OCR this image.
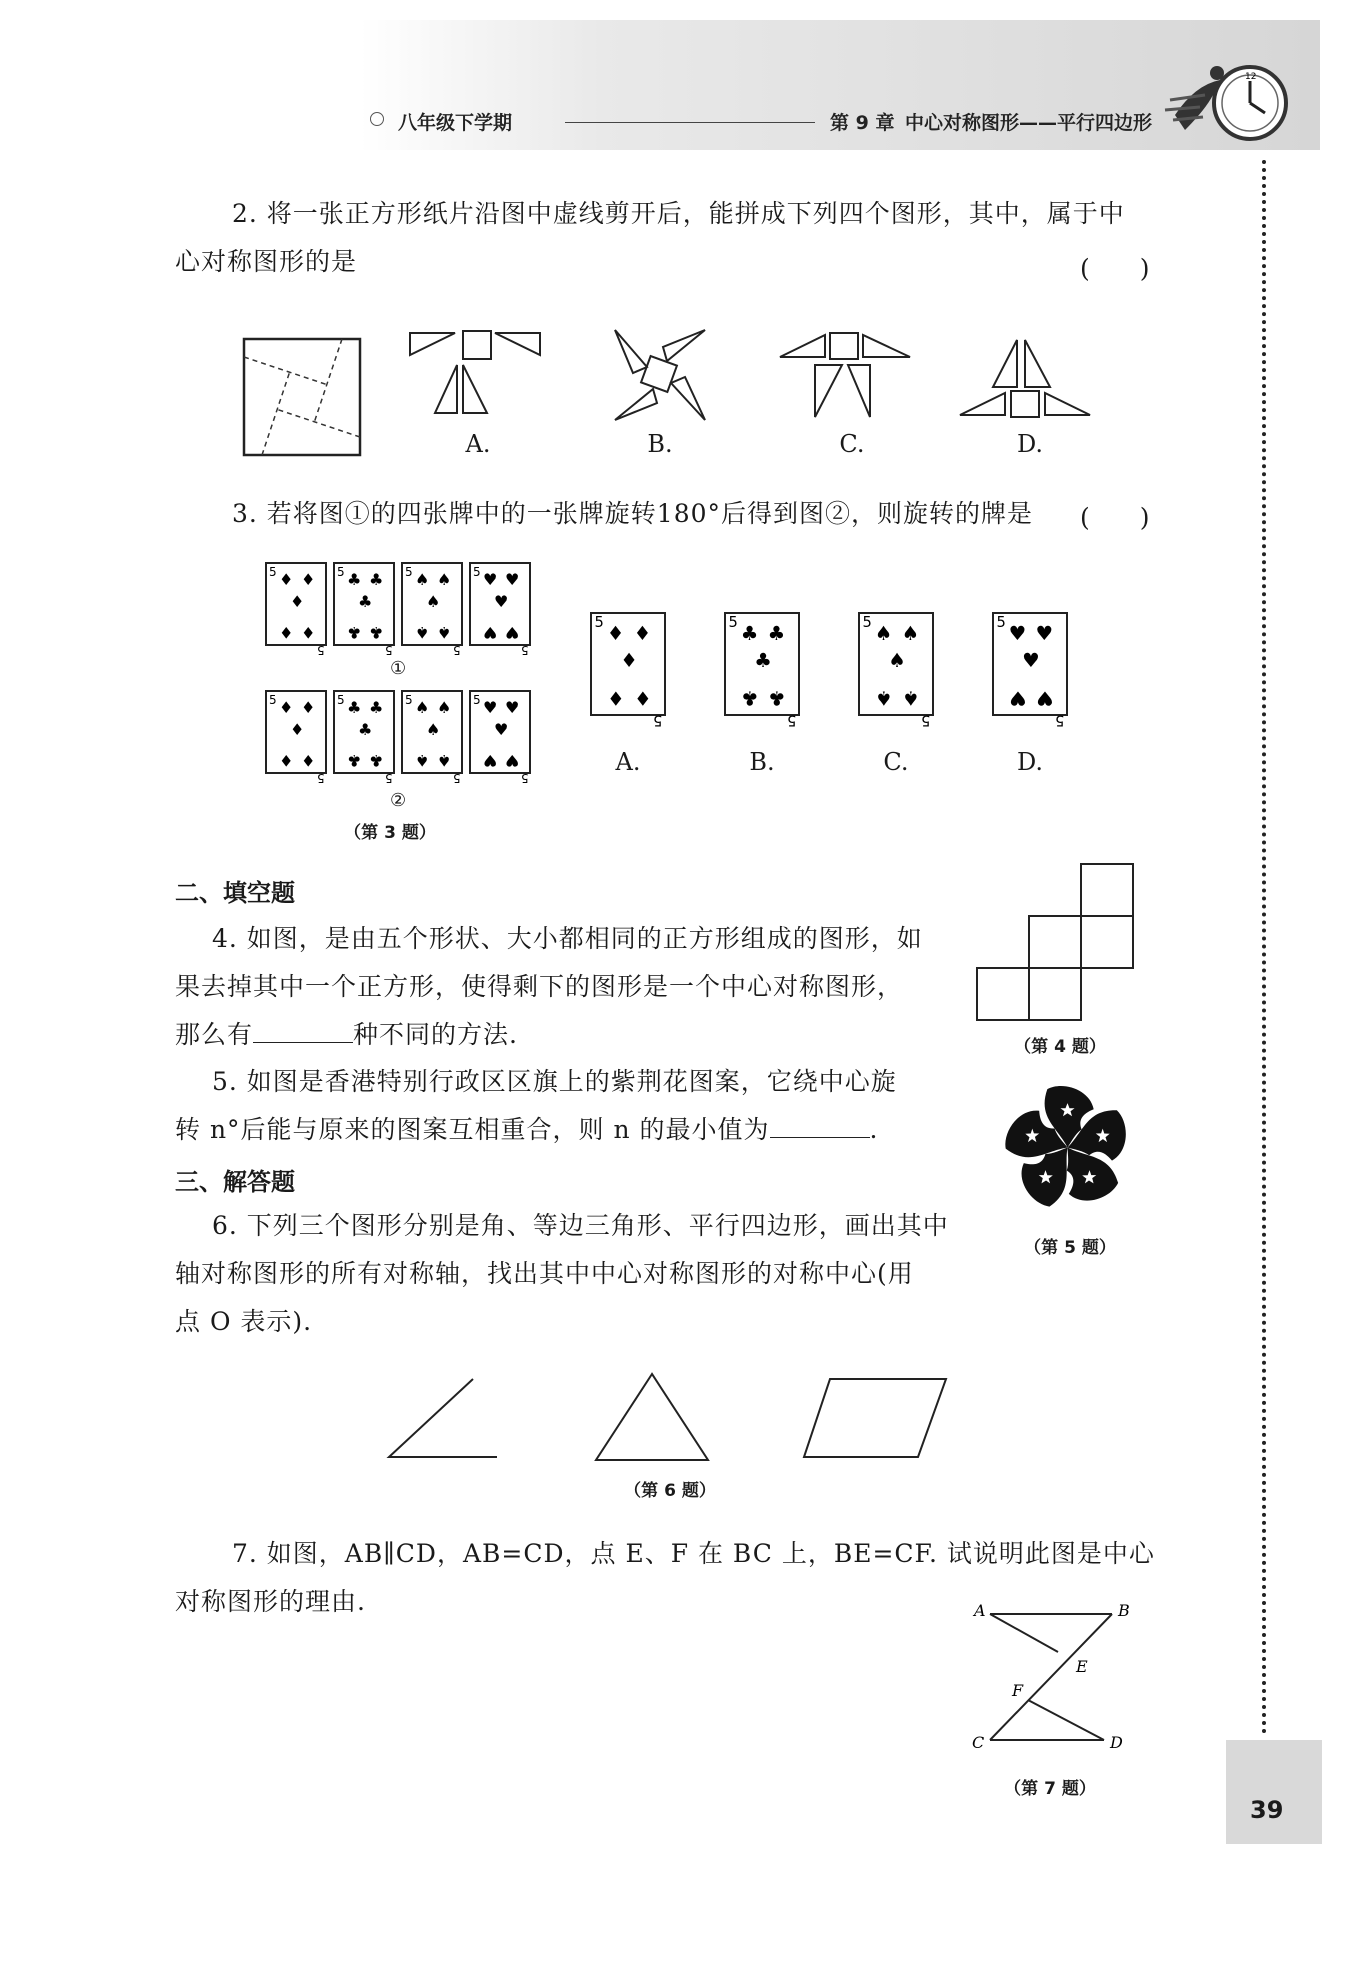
八年级下学期	第 9 章 中心对称图形——平行四边形
12
2. 将一张正方形纸片沿图中虚线剪开后，能拼成下列四个图形，其中，属于中
心对称图形的是	(　　)
A.	B.	C.	D.
3. 若将图①的四张牌中的一张牌旋转180°后得到图②，则旋转的牌是 (　　)
5
5
♦ ♦
♦
♦ ♦
5
5
♣ ♣
♣
♣ ♣
5
5
♠ ♠
♠
♠ ♠
5
5
♥ ♥
♥
♥ ♥
5
5
♦ ♦
♦
♦ ♦
5
5
♣ ♣
♣
♣ ♣
5
5
♠ ♠
♠
♠ ♠
5
5
♥ ♥
♥
♥ ♥
5
5
♦ ♦
♦
♦ ♦
5
5
♣ ♣
♣
♣ ♣
5
5
♠ ♠
♠
♠ ♠
5
5
♥ ♥
♥
♥ ♥
①
②
（第 3 题）
A.	B.	C.	D.
二、填空题
4. 如图，是由五个形状、大小都相同的正方形组成的图形，如
果去掉其中一个正方形，使得剩下的图形是一个中心对称图形，
那么有	种不同的方法.	（第 4 题）
5. 如图是香港特别行政区区旗上的紫荆花图案，它绕中心旋
转 n°后能与原来的图案互相重合，则 n 的最小值为	.
（第 5 题）
三、解答题
6. 下列三个图形分别是角、等边三角形、平行四边形，画出其中
轴对称图形的所有对称轴，找出其中中心对称图形的对称中心(用
点 O 表示).
（第 6 题）
7. 如图，AB∥CD，AB=CD，点 E、F 在 BC 上，BE=CF. 试说明此图是中心
对称图形的理由.	A	B
E
F
C	D
（第 7 题）
39
